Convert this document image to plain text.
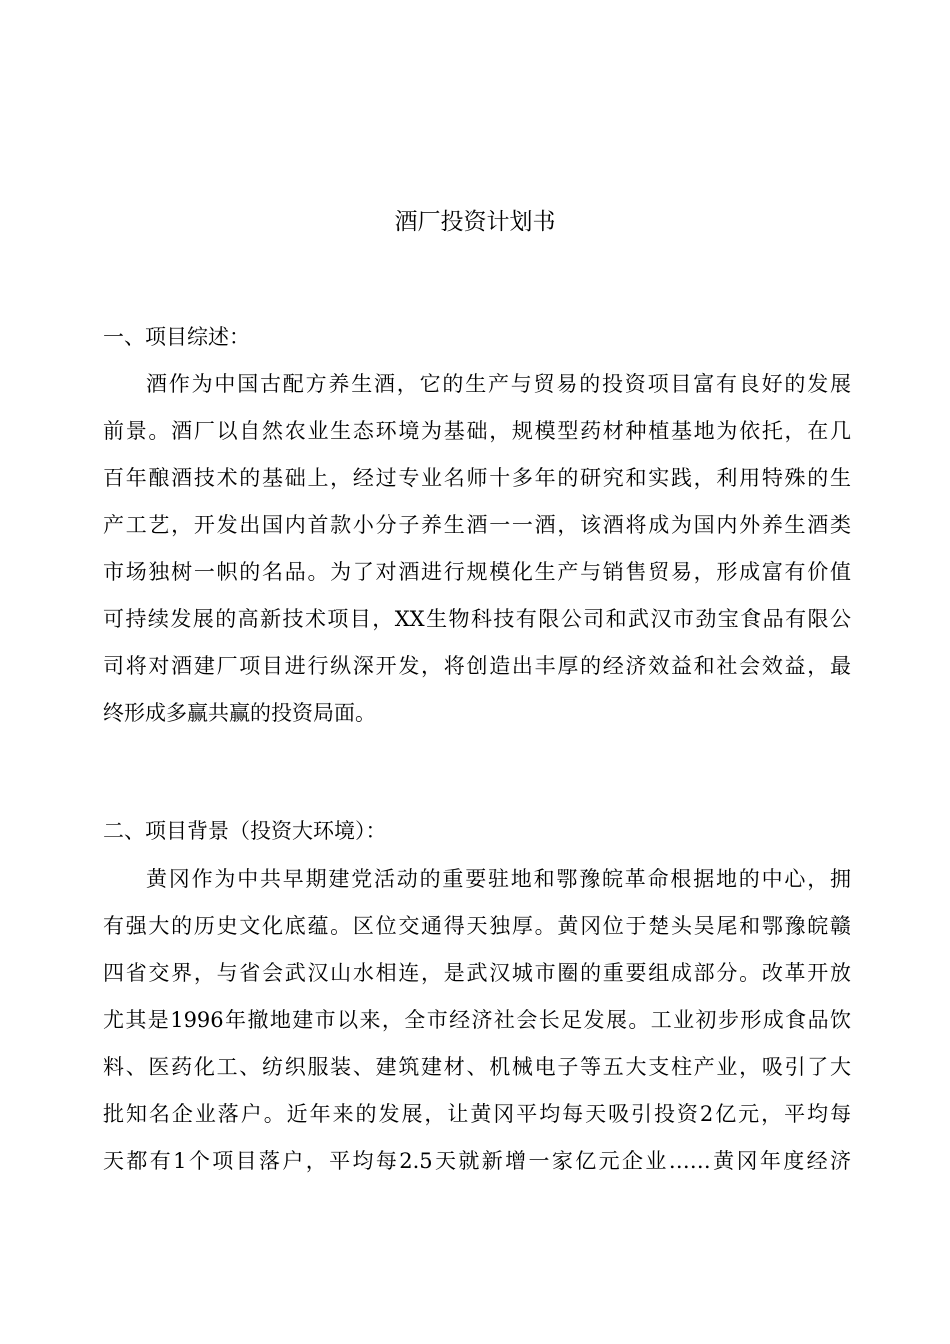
酒厂投资计划书
一、项目综述：
酒作为中国古配方养生酒，它的生产与贸易的投资项目富有良好的发展
前景。酒厂以自然农业生态环境为基础，规模型药材种植基地为依托，在几
百年酿酒技术的基础上，经过专业名师十多年的研究和实践，利用特殊的生
产工艺，开发出国内首款小分子养生酒一一酒，该酒将成为国内外养生酒类
市场独树一帜的名品。为了对酒进行规模化生产与销售贸易，形成富有价值
可持续发展的高新技术项目，XX生物科技有限公司和武汉市劲宝食品有限公
司将对酒建厂项目进行纵深开发，将创造出丰厚的经济效益和社会效益，最
终形成多赢共赢的投资局面。
二、项目背景（投资大环境）：
黄冈作为中共早期建党活动的重要驻地和鄂豫皖革命根据地的中心，拥
有强大的历史文化底蕴。区位交通得天独厚。黄冈位于楚头吴尾和鄂豫皖赣
四省交界，与省会武汉山水相连，是武汉城市圈的重要组成部分。改革开放
尤其是1996年撤地建市以来，全市经济社会长足发展。工业初步形成食品饮
料、医药化工、纺织服装、建筑建材、机械电子等五大支柱产业，吸引了大
批知名企业落户。近年来的发展，让黄冈平均每天吸引投资2亿元，平均每
天都有1个项目落户，平均每2.5天就新增一家亿元企业……黄冈年度经济
